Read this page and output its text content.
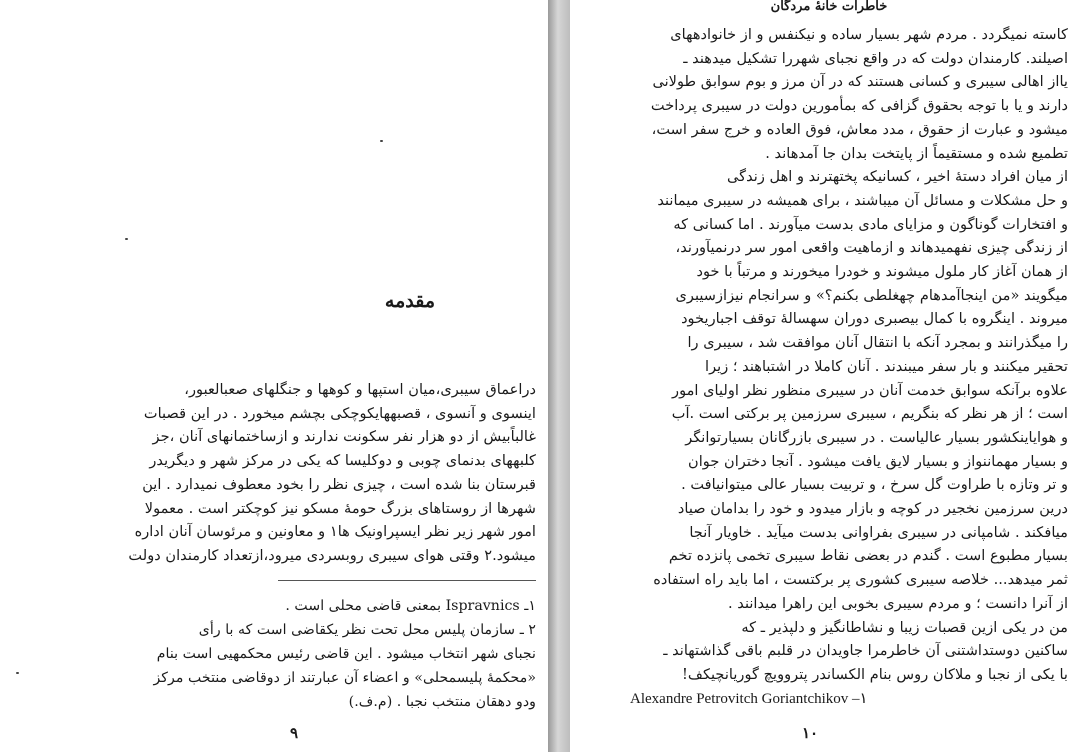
مقدمه
دراعماق سیبری،میان استپها و کوهها و جنگلهای صعبالعبور،
اینسوی و آنسوی ، قصبههایکوچکی بچشم میخورد . در این قصبات
غالباًبیش از دو هزار نفر سکونت ندارند و ازساختمانهای آنان ،جز
کلبههای بدنمای چوبی و دوکلیسا که یکی در مرکز شهر و دیگریدر
قبرستان بنا شده است ، چیزی نظر را بخود معطوف نمیدارد . این
شهرها از روستاهای بزرگ حومهٔ مسکو نیز کوچکتر است . معمولا
امور شهر زیر نظر ایسپراونیک ها١ و معاونین و مرئوسان آنان اداره
میشود.٢ وقتی هوای سیبری روبسردی میرود،ازتعداد کارمندان دولت
١ـ Ispravnics بمعنی قاضی محلی است .
٢ ـ سازمان پلیس محل تحت نظر یکقاضی است که با رأی
نجبای شهر انتخاب میشود . این قاضی رئیس محکمهیی است بنام
«محکمهٔ پلیسمحلی» و اعضاء آن عبارتند از دوقاضی منتخب مرکز
ودو دهقان منتخب نجبا . (م.ف.)
٩
خاطرات خانهٔ مردگان
کاسته نمیگردد . مردم شهر بسیار ساده و نیکنفس و از خانوادههای
اصیلند. کارمندان دولت که در واقع نجبای شهررا تشکیل میدهند ـ
یااز اهالی سیبری و کسانی هستند که در آن مرز و بوم سوابق طولانی
دارند و یا با توجه بحقوق گزافی که بمأمورین دولت در سیبری پرداخت
میشود و عبارت از حقوق ، مدد معاش، فوق العاده و خرج سفر است،
تطمیع شده و مستقیماً از پایتخت بدان جا آمدهاند .
از میان افراد دستهٔ اخیر ، کسانیکه پختهترند و اهل زندگی
و حل مشکلات و مسائل آن میباشند ، برای همیشه در سیبری میمانند
و افتخارات گوناگون و مزایای مادی بدست میآورند . اما کسانی که
از زندگی چیزی نفهمیدهاند و ازماهیت واقعی امور سر درنمیآورند،
از همان آغاز کار ملول میشوند و خودرا میخورند و مرتباً با خود
میگویند «من اینجاآمدهام چهغلطی بکنم؟» و سرانجام نیزازسیبری
میروند . اینگروه با کمال بیصبری دوران سهسالهٔ توقف اجباریخود
را میگذرانند و بمجرد آنکه با انتقال آنان موافقت شد ، سیبری را
تحقیر میکنند و بار سفر میبندند . آنان کاملا در اشتباهند ؛ زیرا
علاوه برآنکه سوابق خدمت آنان در سیبری منظور نظر اولیای امور
است ؛ از هر نظر که بنگریم ، سیبری سرزمین پر برکتی است .آب
و هوایاینکشور بسیار عالیاست . در سیبری بازرگانان بسیارتوانگر
و بسیار مهماننواز و بسیار لایق یافت میشود . آنجا دختران جوان
و تر وتازه با طراوت گل سرخ ، و تربیت بسیار عالی میتوانیافت .
درین سرزمین نخجیر در کوچه و بازار میدود و خود را بدامان صیاد
میافکند . شامپانی در سیبری بفراوانی بدست میآید . خاویار آنجا
بسیار مطبوع است . گندم در بعضی نقاط سیبری تخمی پانزده تخم
ثمر میدهد... خلاصه سیبری کشوری پر برکتست ، اما باید راه استفاده
از آنرا دانست ؛ و مردم سیبری بخوبی این راهرا میدانند .
من در یکی ازین قصبات زیبا و نشاطانگیز و دلپذیر ـ که
ساکنین دوستداشتنی آن خاطرمرا جاویدان در قلبم باقی گذاشتهاند ـ
با یکی از نجبا و ملاکان روس بنام الکساندر پتروویچ گوریانچیکف!
Alexandre Petrovitch Goriantchikov –١
١٠
